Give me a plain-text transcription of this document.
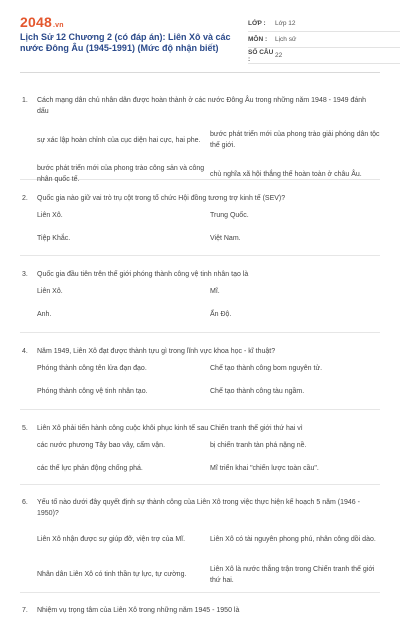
2048.vn
Lịch Sử 12 Chương 2 (có đáp án): Liên Xô và các nước Đông Âu (1945-1991) (Mức độ nhận biết)
LỚP :	Lớp 12
MÔN :	Lịch sử
SỐ CÂU :	22
1. Cách mạng dân chủ nhân dân được hoàn thành ở các nước Đông Âu trong những năm 1948 - 1949 đánh dấu
sự xác lập hoàn chỉnh của cục diện hai cực, hai phe.
bước phát triển mới của phong trào giải phóng dân tộc thế giới.
bước phát triển mới của phong trào công sản và công nhân quốc tế.
chủ nghĩa xã hội thắng thế hoàn toàn ở châu Âu.
2. Quốc gia nào giữ vai trò trụ cột trong tổ chức Hội đồng tương trợ kinh tế (SEV)?
Liên Xô.	Trung Quốc.
Tiệp Khắc.	Việt Nam.
3. Quốc gia đầu tiên trên thế giới phóng thành công vệ tinh nhân tạo là
Liên Xô.	Mĩ.
Anh.	Ấn Độ.
4. Năm 1949, Liên Xô đạt được thành tựu gì trong lĩnh vực khoa học - kĩ thuật?
Phóng thành công tên lửa đạn đạo.	Chế tạo thành công bom nguyên tử.
Phóng thành công vệ tinh nhân tạo.	Chế tạo thành công tàu ngầm.
5. Liên Xô phải tiến hành công cuộc khôi phục kinh tế sau Chiến tranh thế giới thứ hai vì
các nước phương Tây bao vây, cấm vận.	bị chiến tranh tàn phá nặng nề.
các thế lực phản động chống phá.	Mĩ triển khai "chiến lược toàn cầu".
6. Yếu tố nào dưới đây quyết định sự thành công của Liên Xô trong việc thực hiện kế hoạch 5 năm (1946 - 1950)?
Liên Xô nhận được sự giúp đỡ, viện trợ của Mĩ.	Liên Xô có tài nguyên phong phú, nhân công dồi dào.
Nhân dân Liên Xô có tinh thần tự lực, tự cường.
Liên Xô là nước thắng trận trong Chiến tranh thế giới thứ hai.
7. Nhiệm vụ trọng tâm của Liên Xô trong những năm 1945 - 1950 là
